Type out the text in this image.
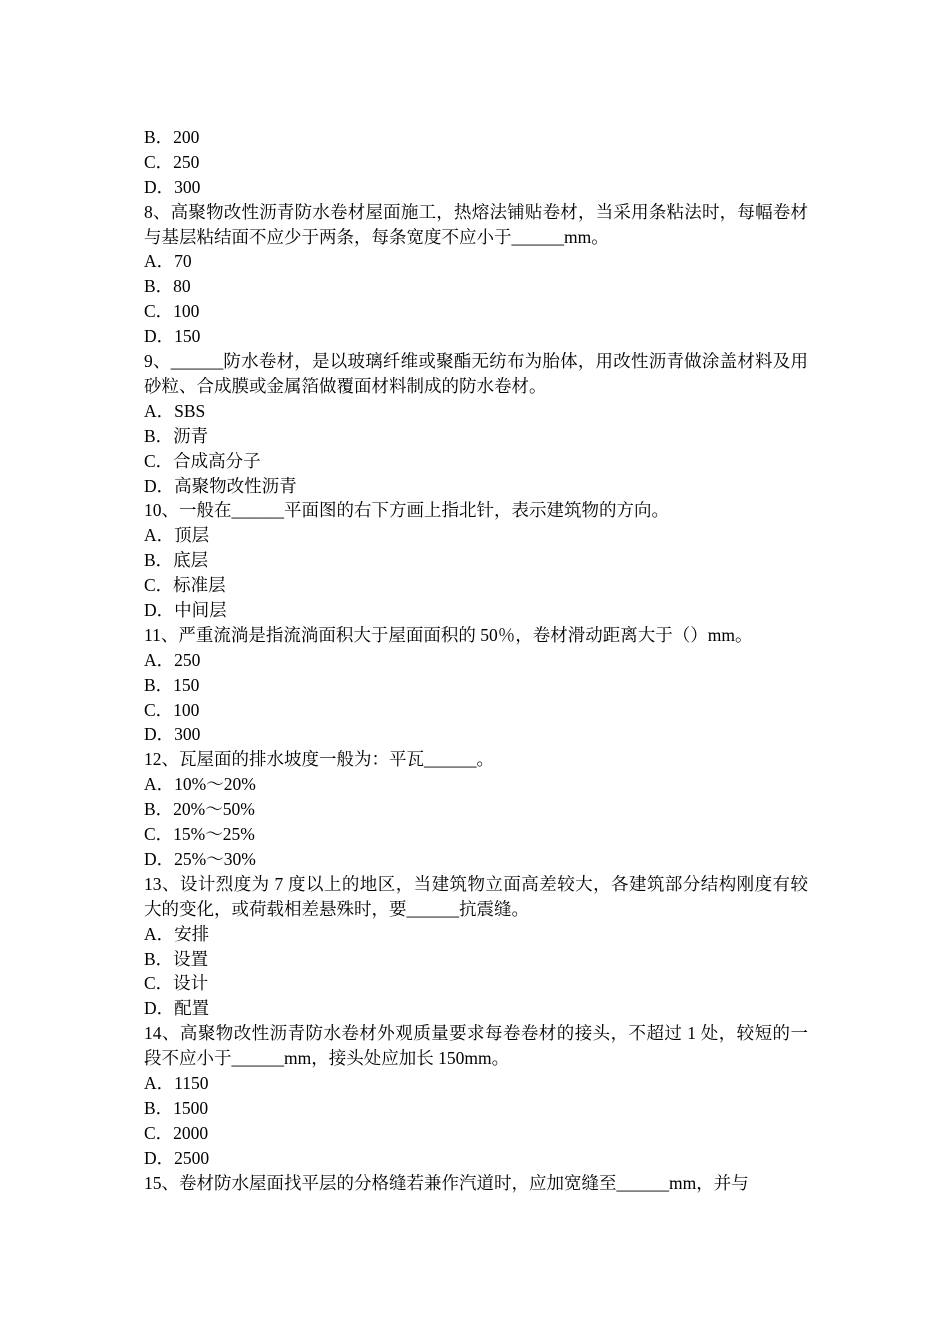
B．200
C．250
D．300
8、高聚物改性沥青防水卷材屋面施工，热熔法铺贴卷材，当采用条粘法时，每幅卷材与基层粘结面不应少于两条，每条宽度不应小于______mm。
A．70
B．80
C．100
D．150
9、______防水卷材，是以玻璃纤维或聚酯无纺布为胎体，用改性沥青做涂盖材料及用砂粒、合成膜或金属箔做覆面材料制成的防水卷材。
A．SBS
B．沥青
C．合成高分子
D．高聚物改性沥青
10、一般在______平面图的右下方画上指北针，表示建筑物的方向。
A．顶层
B．底层
C．标准层
D．中间层
11、严重流淌是指流淌面积大于屋面面积的 50％，卷材滑动距离大于（）mm。
A．250
B．150
C．100
D．300
12、瓦屋面的排水坡度一般为：平瓦______。
A．10%～20%
B．20%～50%
C．15%～25%
D．25%～30%
13、设计烈度为 7 度以上的地区，当建筑物立面高差较大，各建筑部分结构刚度有较大的变化，或荷载相差悬殊时，要______抗震缝。
A．安排
B．设置
C．设计
D．配置
14、高聚物改性沥青防水卷材外观质量要求每卷卷材的接头，不超过 1 处，较短的一段不应小于______mm，接头处应加长 150mm。
A．1150
B．1500
C．2000
D．2500
15、卷材防水屋面找平层的分格缝若兼作汽道时，应加宽缝至______mm，并与
